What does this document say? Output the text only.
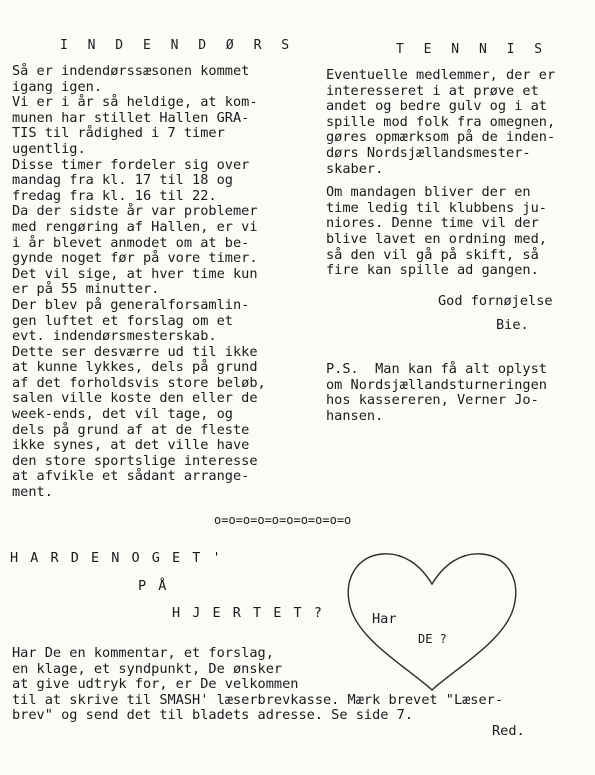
I N D E N D Ø R S
Så er indendørssæsonen kommet
igang igen.
Vi er i år så heldige, at kom-
munen har stillet Hallen GRA-
TIS til rådighed i 7 timer
ugentlig.
Disse timer fordeler sig over
mandag fra kl. 17 til 18 og
fredag fra kl. 16 til 22.
Da der sidste år var problemer
med rengøring af Hallen, er vi
i år blevet anmodet om at be-
gynde noget før på vore timer.
Det vil sige, at hver time kun
er på 55 minutter.
Der blev på generalforsamlin-
gen luftet et forslag om et
evt. indendørsmesterskab.
Dette ser desværre ud til ikke
at kunne lykkes, dels på grund
af det forholdsvis store beløb,
salen ville koste den eller de
week-ends, det vil tage, og
dels på grund af at de fleste
ikke synes, at det ville have
den store sportslige interesse
at afvikle et sådant arrange-
ment.
T E N N I S
Eventuelle medlemmer, der er
interesseret i at prøve et
andet og bedre gulv og i at
spille mod folk fra omegnen,
gøres opmærksom på de inden-
dørs Nordsjællandsmester-
skaber.
Om mandagen bliver der en
time ledig til klubbens ju-
niores. Denne time vil der
blive lavet en ordning med,
så den vil gå på skift, så
fire kan spille ad gangen.
God fornøjelse
Bie.
P.S.  Man kan få alt oplyst
om Nordsjællandsturneringen
hos kassereren, Verner Jo-
hansen.
o=o=o=o=o=o=o=o=o=o
H A R D E N O G E T '
P Å
H J E R T E T ?	Har
DE ?
Har De en kommentar, et forslag,
en klage, et syndpunkt, De ønsker
at give udtryk for, er De velkommen
til at skrive til SMASH' læserbrevkasse. Mærk brevet "Læser-
brev" og send det til bladets adresse. Se side 7.
Red.
